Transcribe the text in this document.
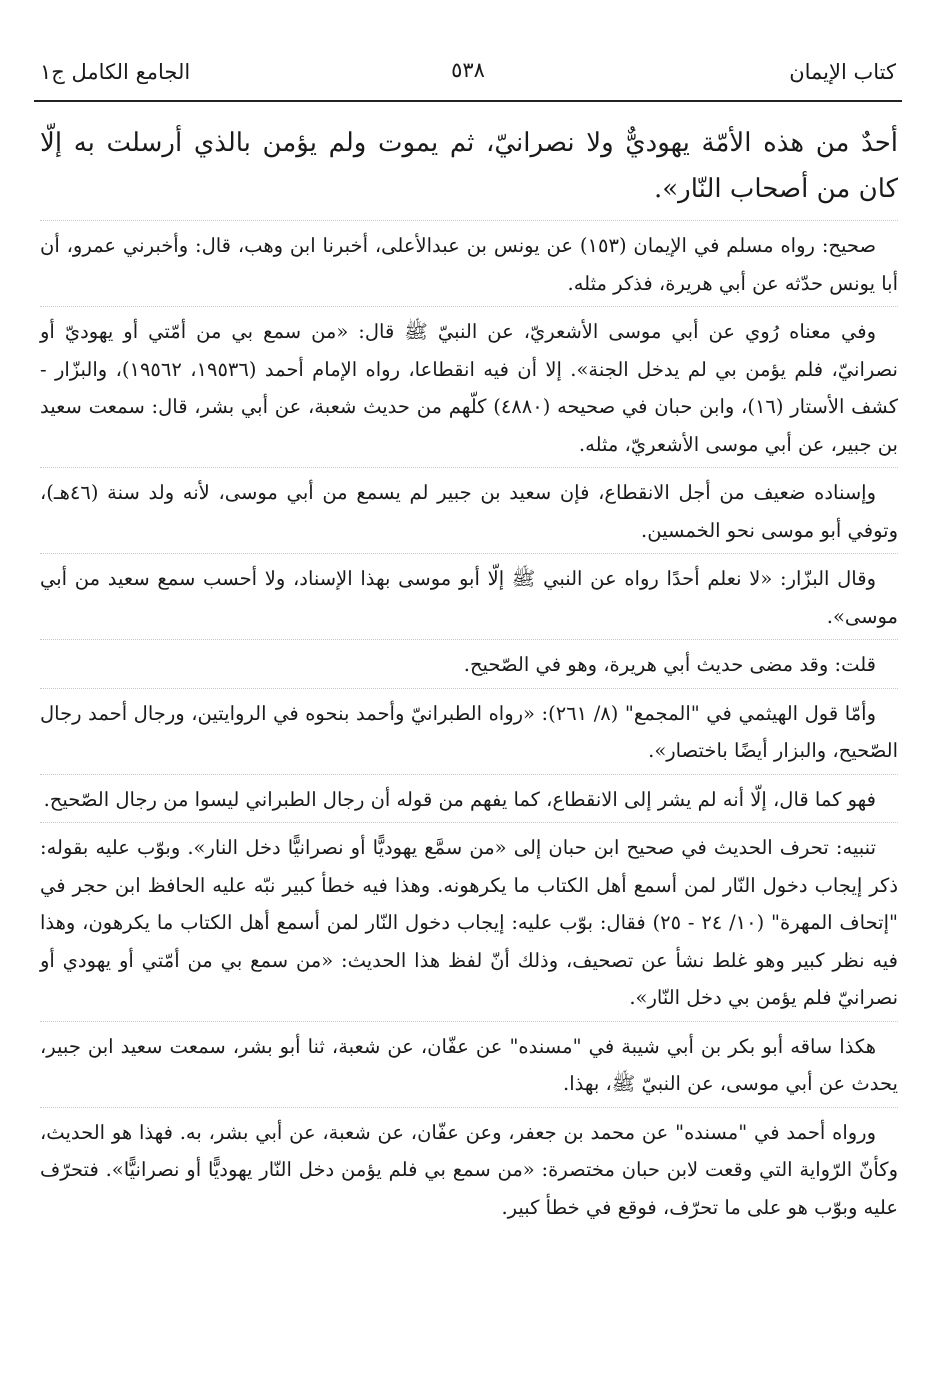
كتاب الإيمان
٥٣٨
الجامع الكامل ج١

أحدٌ من هذه الأمّة يهوديٌّ ولا نصرانيّ، ثم يموت ولم يؤمن بالذي أرسلت به إلّا كان من أصحاب النّار».

صحيح: رواه مسلم في الإيمان (١٥٣) عن يونس بن عبدالأعلى، أخبرنا ابن وهب، قال: وأخبرني عمرو، أن أبا يونس حدّثه عن أبي هريرة، فذكر مثله.

وفي معناه رُوي عن أبي موسى الأشعريّ، عن النبيّ ﷺ قال: «من سمع بي من أمّتي أو يهوديّ أو نصرانيّ، فلم يؤمن بي لم يدخل الجنة». إلا أن فيه انقطاعا، رواه الإمام أحمد (١٩٥٣٦، ١٩٥٦٢)، والبزّار - كشف الأستار (١٦)، وابن حبان في صحيحه (٤٨٨٠) كلّهم من حديث شعبة، عن أبي بشر، قال: سمعت سعيد بن جبير، عن أبي موسى الأشعريّ، مثله.

وإسناده ضعيف من أجل الانقطاع، فإن سعيد بن جبير لم يسمع من أبي موسى، لأنه ولد سنة (٤٦هـ)، وتوفي أبو موسى نحو الخمسين.

وقال البزّار: «لا نعلم أحدًا رواه عن النبي ﷺ إلّا أبو موسى بهذا الإسناد، ولا أحسب سمع سعيد من أبي موسى».

قلت: وقد مضى حديث أبي هريرة، وهو في الصّحيح.

وأمّا قول الهيثمي في "المجمع" (٨/ ٢٦١): «رواه الطبرانيّ وأحمد بنحوه في الروايتين، ورجال أحمد رجال الصّحيح، والبزار أيضًا باختصار».

فهو كما قال، إلّا أنه لم يشر إلى الانقطاع، كما يفهم من قوله أن رجال الطبراني ليسوا من رجال الصّحيح.

تنبيه: تحرف الحديث في صحيح ابن حبان إلى «من سمَّع يهوديًّا أو نصرانيًّا دخل النار». وبوّب عليه بقوله: ذكر إيجاب دخول النّار لمن أسمع أهل الكتاب ما يكرهونه. وهذا فيه خطأ كبير نبّه عليه الحافظ ابن حجر في "إتحاف المهرة" (١٠/ ٢٤ - ٢٥) فقال: بوّب عليه: إيجاب دخول النّار لمن أسمع أهل الكتاب ما يكرهون، وهذا فيه نظر كبير وهو غلط نشأ عن تصحيف، وذلك أنّ لفظ هذا الحديث: «من سمع بي من أمّتي أو يهودي أو نصرانيّ فلم يؤمن بي دخل النّار».

هكذا ساقه أبو بكر بن أبي شيبة في "مسنده" عن عفّان، عن شعبة، ثنا أبو بشر، سمعت سعيد ابن جبير، يحدث عن أبي موسى، عن النبيّ ﷺ، بهذا.

ورواه أحمد في "مسنده" عن محمد بن جعفر، وعن عفّان، عن شعبة، عن أبي بشر، به. فهذا هو الحديث، وكأنّ الرّواية التي وقعت لابن حبان مختصرة: «من سمع بي فلم يؤمن دخل النّار يهوديًّا أو نصرانيًّا». فتحرّف عليه وبوّب هو على ما تحرّف، فوقع في خطأ كبير.
